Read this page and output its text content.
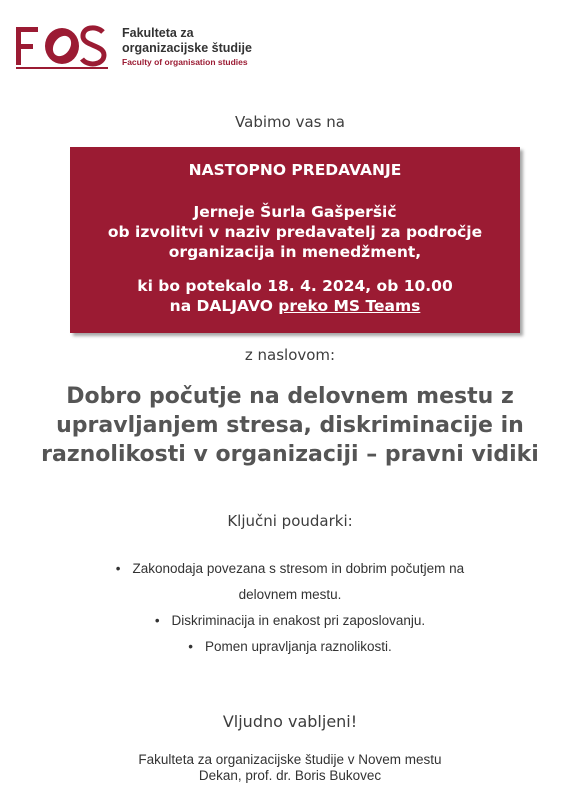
Fakulteta za
organizacijske študije
Faculty of organisation studies
Vabimo vas na
NASTOPNO PREDAVANJE
Jerneje Šurla Gašperšič
ob izvolitvi v naziv predavatelj za področje
organizacija in menedžment,
ki bo potekalo 18. 4. 2024, ob 10.00
na DALJAVO preko MS Teams
z naslovom:
Dobro počutje na delovnem mestu z
upravljanjem stresa, diskriminacije in
raznolikosti v organizaciji – pravni vidiki
Ključni poudarki:
• Zakonodaja povezana s stresom in dobrim počutjem na
delovnem mestu.
• Diskriminacija in enakost pri zaposlovanju.
• Pomen upravljanja raznolikosti.
Vljudno vabljeni!
Fakulteta za organizacijske študije v Novem mestu
Dekan, prof. dr. Boris Bukovec
